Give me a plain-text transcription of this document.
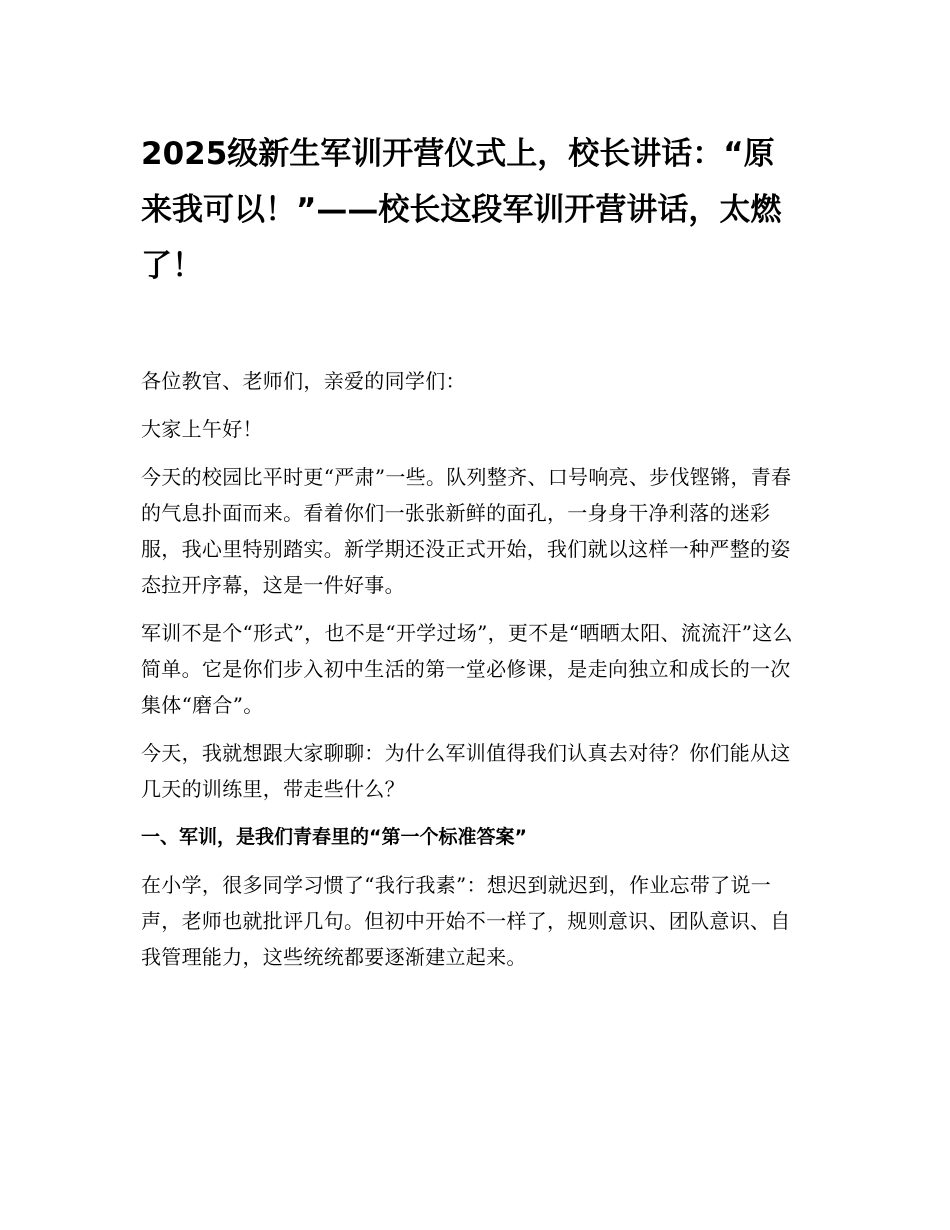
2025级新生军训开营仪式上，校长讲话：“原来我可以！”——校长这段军训开营讲话，太燃了！

各位教官、老师们，亲爱的同学们：

大家上午好！

今天的校园比平时更“严肃”一些。队列整齐、口号响亮、步伐铿锵，青春的气息扑面而来。看着你们一张张新鲜的面孔，一身身干净利落的迷彩服，我心里特别踏实。新学期还没正式开始，我们就以这样一种严整的姿态拉开序幕，这是一件好事。

军训不是个“形式”，也不是“开学过场”，更不是“晒晒太阳、流流汗”这么简单。它是你们步入初中生活的第一堂必修课，是走向独立和成长的一次集体“磨合”。

今天，我就想跟大家聊聊：为什么军训值得我们认真去对待？你们能从这几天的训练里，带走些什么？

一、军训，是我们青春里的“第一个标准答案”

在小学，很多同学习惯了“我行我素”：想迟到就迟到，作业忘带了说一声，老师也就批评几句。但初中开始不一样了，规则意识、团队意识、自我管理能力，这些统统都要逐渐建立起来。
